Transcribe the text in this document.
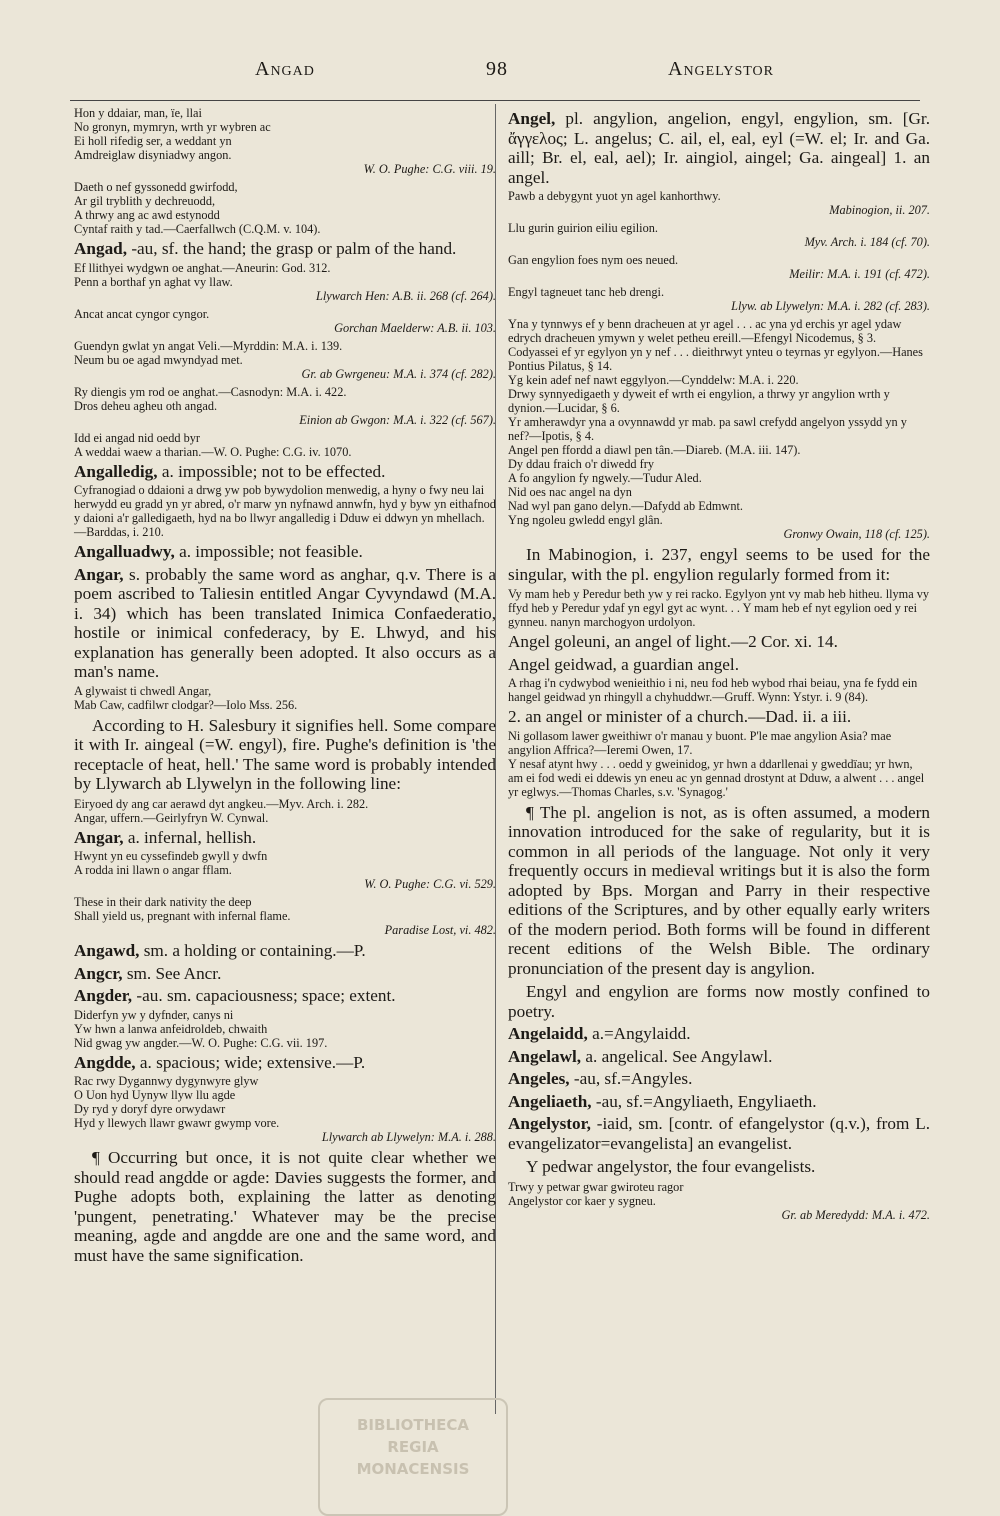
Angad	98	Angelystor

Hon y ddaiar, man, ïe, llai

No gronyn, mymryn, wrth yr wybren ac

Ei holl rifedig ser, a weddant yn

Amdreiglaw disyniadwy angon.

W. O. Pughe: C.G. viii. 19.

Daeth o nef gyssonedd gwirfodd,

Ar gil tryblith y dechreuodd,

A thrwy ang ac awd estynodd

Cyntaf raith y tad.—Caerfallwch (C.Q.M. v. 104).

Angad, -au, sf. the hand; the grasp or palm of the hand.

Ef llithyei wydgwn oe anghat.—Aneurin: God. 312.

Penn a borthaf yn aghat vy llaw.

Llywarch Hen: A.B. ii. 268 (cf. 264).

Ancat ancat cyngor cyngor.

Gorchan Maelderw: A.B. ii. 103.

Guendyn gwlat yn angat Veli.—Myrddin: M.A. i. 139.

Neum bu oe agad mwyndyad met.

Gr. ab Gwrgeneu: M.A. i. 374 (cf. 282).

Ry diengis ym rod oe anghat.—Casnodyn: M.A. i. 422.

Dros deheu agheu oth angad.

Einion ab Gwgon: M.A. i. 322 (cf. 567).

Idd ei angad nid oedd byr

A weddai waew a tharian.—W. O. Pughe: C.G. iv. 1070.

Angalledig, a. impossible; not to be effected.

Cyfranogiad o ddaioni a drwg yw pob bywydolion menwedig, a hyny o fwy neu lai herwydd eu gradd yn yr abred, o'r marw yn nyfnawd annwfn, hyd y byw yn eithafnod y daioni a'r galledigaeth, hyd na bo llwyr angalledig i Dduw ei ddwyn yn mhellach.—Barddas, i. 210.

Angalluadwy, a. impossible; not feasible.

Angar, s. probably the same word as anghar, q.v. There is a poem ascribed to Taliesin entitled Angar Cyvyndawd (M.A. i. 34) which has been translated Inimica Confaederatio, hostile or inimical confederacy, by E. Lhwyd, and his explanation has generally been adopted. It also occurs as a man's name.

A glywaist ti chwedl Angar,

Mab Caw, cadfilwr clodgar?—Iolo Mss. 256.

According to H. Salesbury it signifies hell. Some compare it with Ir. aingeal (=W. engyl), fire. Pughe's definition is 'the receptacle of heat, hell.' The same word is probably intended by Llywarch ab Llywelyn in the following line:

Eiryoed dy ang car aerawd dyt angkeu.—Myv. Arch. i. 282.

Angar, uffern.—Geirlyfryn W. Cynwal.

Angar, a. infernal, hellish.

Hwynt yn eu cyssefindeb gwyll y dwfn

A rodda ini llawn o angar fflam.

W. O. Pughe: C.G. vi. 529.

These in their dark nativity the deep

Shall yield us, pregnant with infernal flame.

Paradise Lost, vi. 482.

Angawd, sm. a holding or containing.—P.

Angcr, sm. See Ancr.

Angder, -au. sm. capaciousness; space; extent.

Diderfyn yw y dyfnder, canys ni

Yw hwn a lanwa anfeidroldeb, chwaith

Nid gwag yw angder.—W. O. Pughe: C.G. vii. 197.

Angdde, a. spacious; wide; extensive.—P.

Rac rwy Dygannwy dygynwyre glyw

O Uon hyd Uynyw llyw llu agde

Dy ryd y doryf dyre orwydawr

Hyd y llewych llawr gwawr gwymp vore.

Llywarch ab Llywelyn: M.A. i. 288.

¶ Occurring but once, it is not quite clear whether we should read angdde or agde: Davies suggests the former, and Pughe adopts both, explaining the latter as denoting 'pungent, penetrating.' Whatever may be the precise meaning, agde and angdde are one and the same word, and must have the same signification.

Angel, pl. angylion, angelion, engyl, engylion, sm. [Gr. ἄγγελος; L. angelus; C. ail, el, eal, eyl (=W. el; Ir. and Ga. aill; Br. el, eal, ael); Ir. aingiol, aingel; Ga. aingeal] 1. an angel.

Pawb a debygynt yuot yn agel kanhorthwy.

Mabinogion, ii. 207.

Llu gurin guirion eiliu egilion.

Myv. Arch. i. 184 (cf. 70).

Gan engylion foes nym oes neued.

Meilir: M.A. i. 191 (cf. 472).

Engyl tagneuet tanc heb drengi.

Llyw. ab Llywelyn: M.A. i. 282 (cf. 283).

Yna y tynnwys ef y benn dracheuen at yr agel . . . ac yna yd erchis yr agel ydaw edrych dracheuen ymywn y welet petheu ereill.—Efengyl Nicodemus, § 3.

Codyassei ef yr egylyon yn y nef . . . dieithrwyt ynteu o teyrnas yr egylyon.—Hanes Pontius Pilatus, § 14.

Yg kein adef nef nawt eggylyon.—Cynddelw: M.A. i. 220.

Drwy synnyedigaeth y dyweit ef wrth ei engylion, a thrwy yr angylion wrth y dynion.—Lucidar, § 6.

Yr amherawdyr yna a ovynnawdd yr mab. pa sawl crefydd angelyon yssydd yn y nef?—Ipotis, § 4.

Angel pen ffordd a diawl pen tân.—Diareb. (M.A. iii. 147).

Dy ddau fraich o'r diwedd fry

A fo angylion fy ngwely.—Tudur Aled.

Nid oes nac angel na dyn

Nad wyl pan gano delyn.—Dafydd ab Edmwnt.

Yng ngoleu gwledd engyl glân.

Gronwy Owain, 118 (cf. 125).

In Mabinogion, i. 237, engyl seems to be used for the singular, with the pl. engylion regularly formed from it:

Vy mam heb y Peredur beth yw y rei racko. Egylyon ynt vy mab heb hitheu. llyma vy ffyd heb y Peredur ydaf yn egyl gyt ac wynt. . . Y mam heb ef nyt egylion oed y rei gynneu. nanyn marchogyon urdolyon.

Angel goleuni, an angel of light.—2 Cor. xi. 14.

Angel geidwad, a guardian angel.

A rhag i'n cydwybod wenieithio i ni, neu fod heb wybod rhai beiau, yna fe fydd ein hangel geidwad yn rhingyll a chyhuddwr.—Gruff. Wynn: Ystyr. i. 9 (84).

2. an angel or minister of a church.—Dad. ii. a iii.

Ni gollasom lawer gweithiwr o'r manau y buont. P'le mae angylion Asia? mae angylion Affrica?—Ieremi Owen, 17.

Y nesaf atynt hwy . . . oedd y gweinidog, yr hwn a ddarllenai y gweddïau; yr hwn, am ei fod wedi ei ddewis yn eneu ac yn gennad drostynt at Dduw, a alwent . . . angel yr eglwys.—Thomas Charles, s.v. 'Synagog.'

¶ The pl. angelion is not, as is often assumed, a modern innovation introduced for the sake of regularity, but it is common in all periods of the language. Not only it very frequently occurs in medieval writings but it is also the form adopted by Bps. Morgan and Parry in their respective editions of the Scriptures, and by other equally early writers of the modern period. Both forms will be found in different recent editions of the Welsh Bible. The ordinary pronunciation of the present day is angylion.

Engyl and engylion are forms now mostly confined to poetry.

Angelaidd, a.=Angylaidd.

Angelawl, a. angelical. See Angylawl.

Angeles, -au, sf.=Angyles.

Angeliaeth, -au, sf.=Angyliaeth, Engyliaeth.

Angelystor, -iaid, sm. [contr. of efangelystor (q.v.), from L. evangelizator=evangelista] an evangelist.

Y pedwar angelystor, the four evangelists.

Trwy y petwar gwar gwiroteu ragor

Angelystor cor kaer y sygneu.

Gr. ab Meredydd: M.A. i. 472.

BIBLIOTHECA
REGIA
MONACENSIS
